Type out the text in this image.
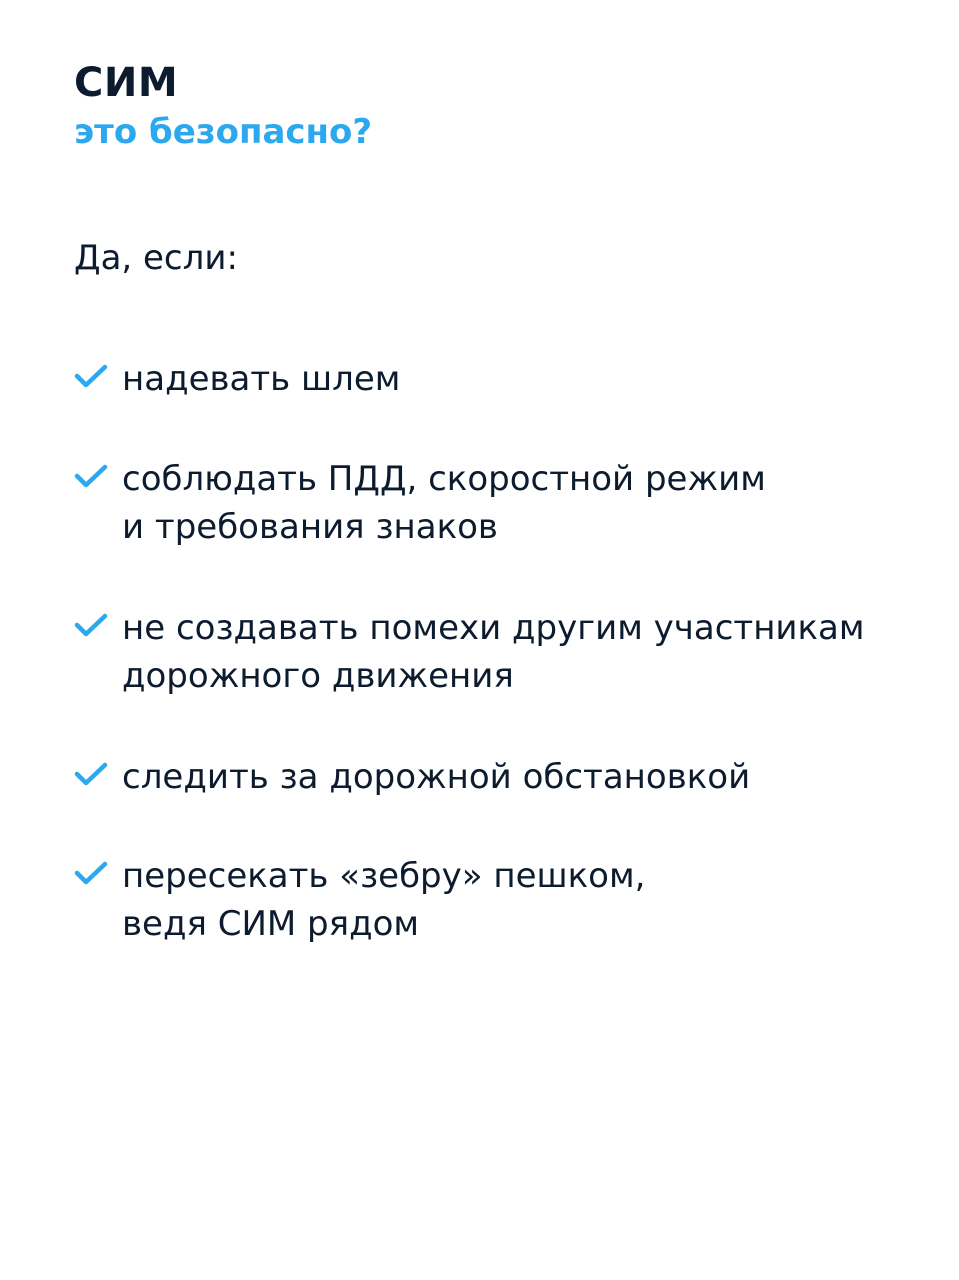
СИМ
это безопасно?
Да, если:
надевать шлем
соблюдать ПДД, скоростной режим
и требования знаков
не создавать помехи другим участникам
дорожного движения
следить за дорожной обстановкой
пересекать «зебру» пешком,
ведя СИМ рядом
